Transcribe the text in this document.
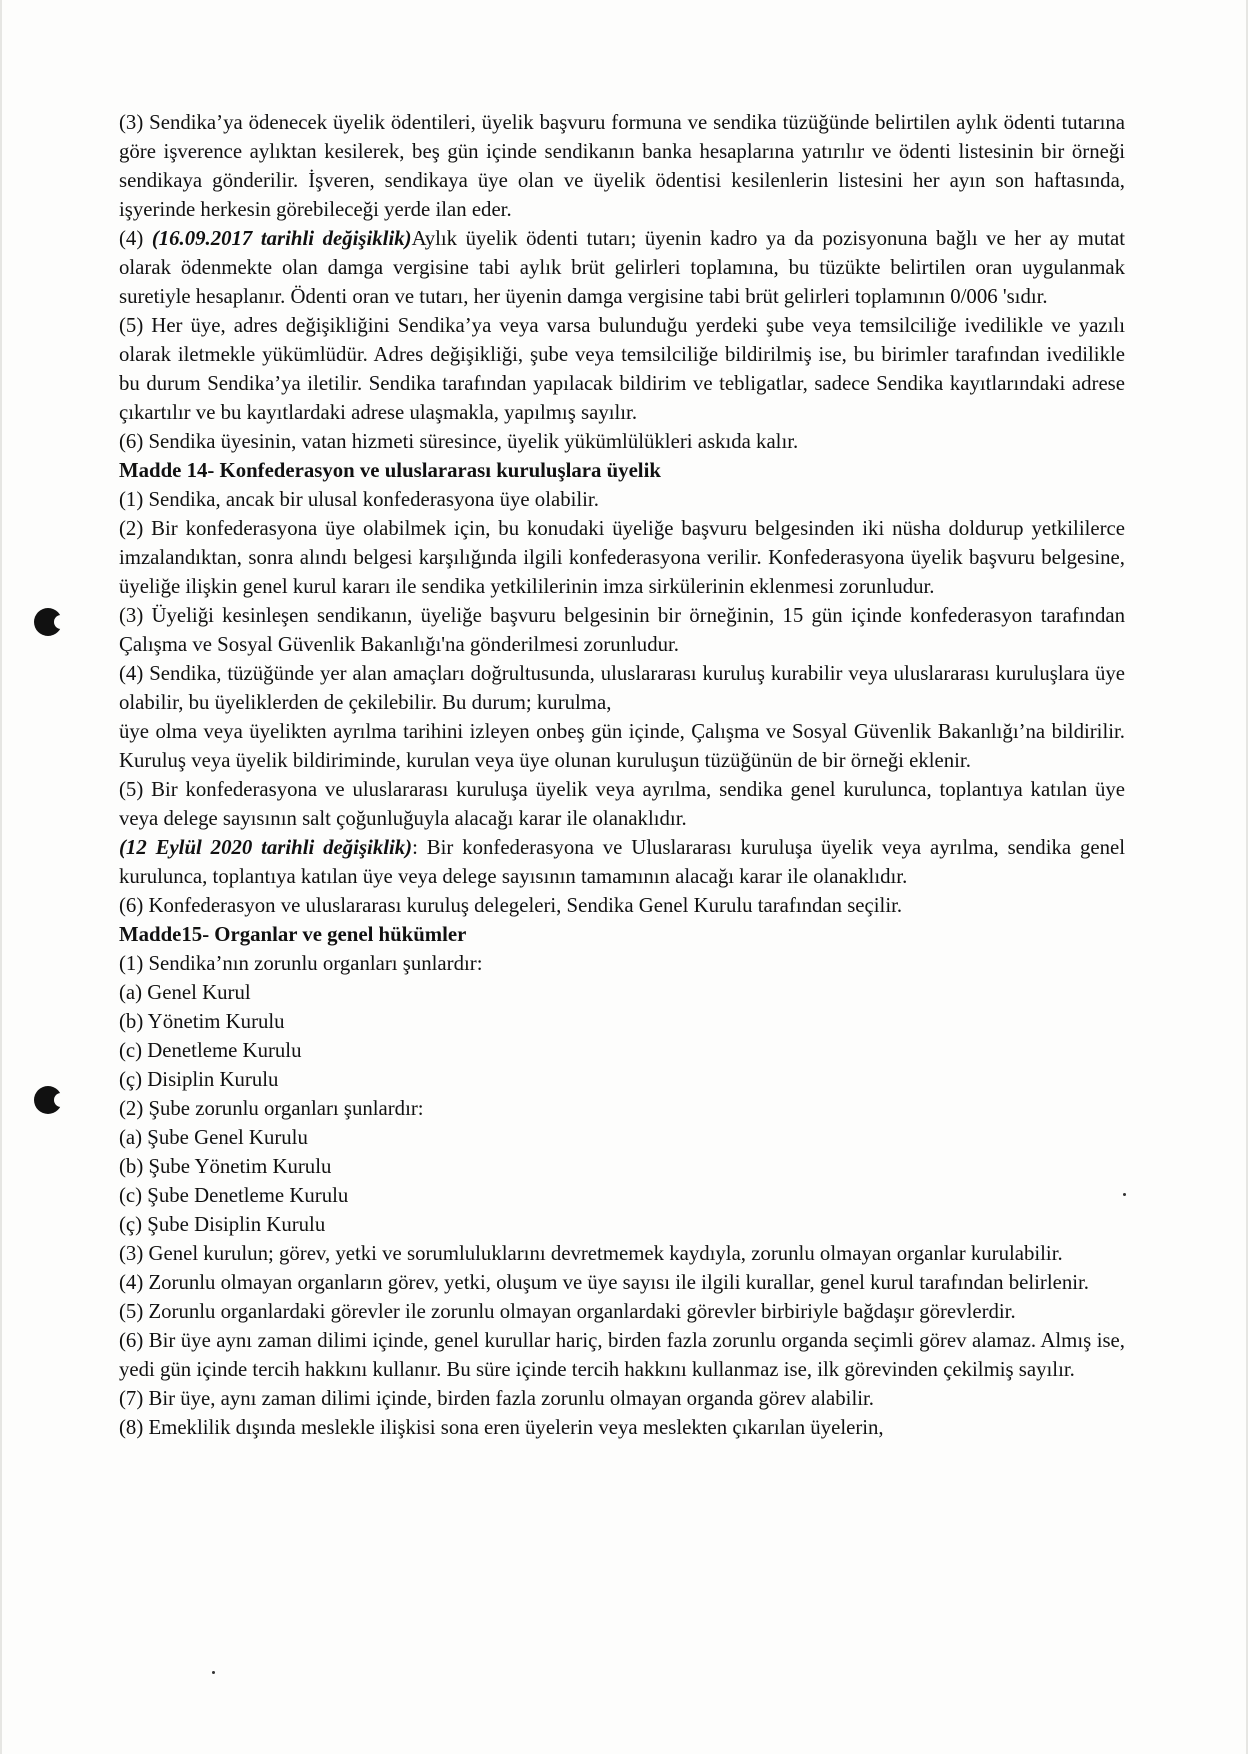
(3) Sendika’ya ödenecek üyelik ödentileri, üyelik başvuru formuna ve sendika tüzüğünde belirtilen aylık ödenti tutarına göre işverence aylıktan kesilerek, beş gün içinde sendikanın banka hesaplarına yatırılır ve ödenti listesinin bir örneği sendikaya gönderilir. İşveren, sendikaya üye olan ve üyelik ödentisi kesilenlerin listesini her ayın son haftasında, işyerinde herkesin görebileceği yerde ilan eder.

(4) (16.09.2017 tarihli değişiklik)Aylık üyelik ödenti tutarı; üyenin kadro ya da pozisyonuna bağlı ve her ay mutat olarak ödenmekte olan damga vergisine tabi aylık brüt gelirleri toplamına, bu tüzükte belirtilen oran uygulanmak suretiyle hesaplanır. Ödenti oran ve tutarı, her üyenin damga vergisine tabi brüt gelirleri toplamının 0/006 'sıdır.

(5) Her üye, adres değişikliğini Sendika’ya veya varsa bulunduğu yerdeki şube veya temsilciliğe ivedilikle ve yazılı olarak iletmekle yükümlüdür. Adres değişikliği, şube veya temsilciliğe bildirilmiş ise, bu birimler tarafından ivedilikle bu durum Sendika’ya iletilir. Sendika tarafından yapılacak bildirim ve tebligatlar, sadece Sendika kayıtlarındaki adrese çıkartılır ve bu kayıtlardaki adrese ulaşmakla, yapılmış sayılır.

(6) Sendika üyesinin, vatan hizmeti süresince, üyelik yükümlülükleri askıda kalır.

Madde 14- Konfederasyon ve uluslararası kuruluşlara üyelik

(1) Sendika, ancak bir ulusal konfederasyona üye olabilir.

(2) Bir konfederasyona üye olabilmek için, bu konudaki üyeliğe başvuru belgesinden iki nüsha doldurup yetkililerce imzalandıktan, sonra alındı belgesi karşılığında ilgili konfederasyona verilir. Konfederasyona üyelik başvuru belgesine, üyeliğe ilişkin genel kurul kararı ile sendika yetkililerinin imza sirkülerinin eklenmesi zorunludur.

(3) Üyeliği kesinleşen sendikanın, üyeliğe başvuru belgesinin bir örneğinin, 15 gün içinde konfederasyon tarafından Çalışma ve Sosyal Güvenlik Bakanlığı'na gönderilmesi zorunludur.

(4) Sendika, tüzüğünde yer alan amaçları doğrultusunda, uluslararası kuruluş kurabilir veya uluslararası kuruluşlara üye olabilir, bu üyeliklerden de çekilebilir. Bu durum; kurulma,

üye olma veya üyelikten ayrılma tarihini izleyen onbeş gün içinde, Çalışma ve Sosyal Güvenlik Bakanlığı’na bildirilir. Kuruluş veya üyelik bildiriminde, kurulan veya üye olunan kuruluşun tüzüğünün de bir örneği eklenir.

(5) Bir konfederasyona ve uluslararası kuruluşa üyelik veya ayrılma, sendika genel kurulunca, toplantıya katılan üye veya delege sayısının salt çoğunluğuyla alacağı karar ile olanaklıdır.

(12 Eylül 2020 tarihli değişiklik): Bir konfederasyona ve Uluslararası kuruluşa üyelik veya ayrılma, sendika genel kurulunca, toplantıya katılan üye veya delege sayısının tamamının alacağı karar ile olanaklıdır.

(6) Konfederasyon ve uluslararası kuruluş delegeleri, Sendika Genel Kurulu tarafından seçilir.

Madde15- Organlar ve genel hükümler

(1) Sendika’nın zorunlu organları şunlardır:

(a) Genel Kurul

(b) Yönetim Kurulu

(c) Denetleme Kurulu

(ç) Disiplin Kurulu

(2) Şube zorunlu organları şunlardır:

(a) Şube Genel Kurulu

(b) Şube Yönetim Kurulu

(c) Şube Denetleme Kurulu

(ç) Şube Disiplin Kurulu

(3) Genel kurulun; görev, yetki ve sorumluluklarını devretmemek kaydıyla, zorunlu olmayan organlar kurulabilir.

(4) Zorunlu olmayan organların görev, yetki, oluşum ve üye sayısı ile ilgili kurallar, genel kurul tarafından belirlenir.

(5) Zorunlu organlardaki görevler ile zorunlu olmayan organlardaki görevler birbiriyle bağdaşır görevlerdir.

(6) Bir üye aynı zaman dilimi içinde, genel kurullar hariç, birden fazla zorunlu organda seçimli görev alamaz. Almış ise, yedi gün içinde tercih hakkını kullanır. Bu süre içinde tercih hakkını kullanmaz ise, ilk görevinden çekilmiş sayılır.

(7) Bir üye, aynı zaman dilimi içinde, birden fazla zorunlu olmayan organda görev alabilir.

(8) Emeklilik dışında meslekle ilişkisi sona eren üyelerin veya meslekten çıkarılan üyelerin,
